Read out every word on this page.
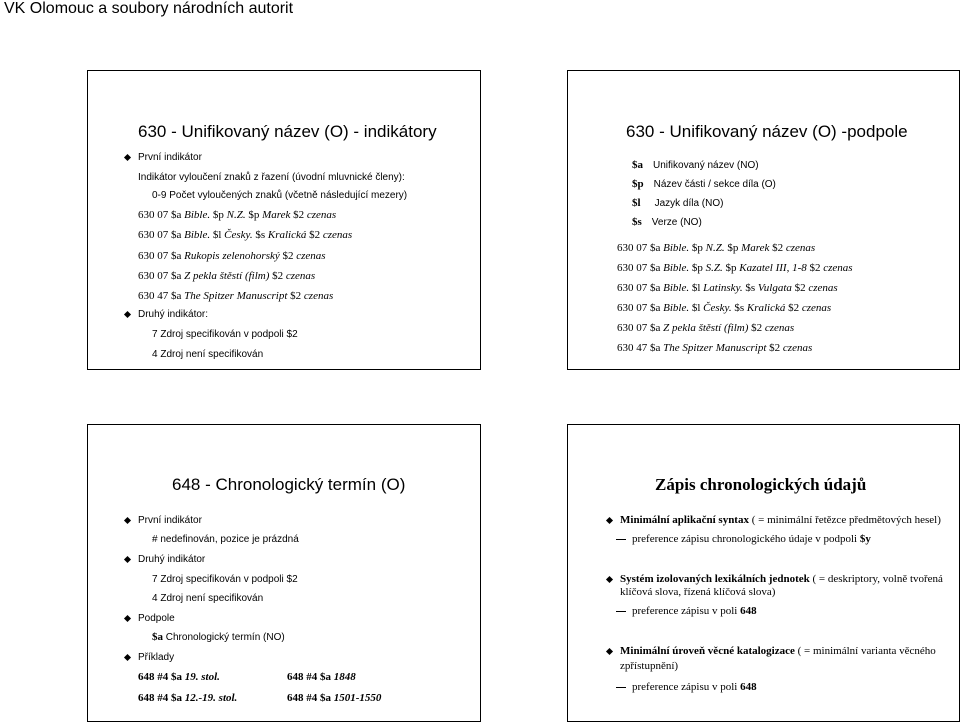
VK Olomouc a soubory národních autorit
630 - Unifikovaný název (O) - indikátory
První indikátor
Indikátor vyloučení znaků z řazení (úvodní mluvnické členy):
0-9 Počet vyloučených znaků (včetně následující mezery)
630 07 $a Bible. $p N.Z. $p Marek $2 czenas
630 07 $a Bible. $l Česky. $s Kralická $2 czenas
630 07 $a Rukopis zelenohorský $2 czenas
630 07 $a Z pekla štěstí (film) $2 czenas
630 47 $a The Spitzer Manuscript $2 czenas
Druhý indikátor:
7 Zdroj specifikován v podpoli $2
4 Zdroj není specifikován
630 - Unifikovaný název (O) -podpole
$a Unifikovaný název (NO)
$p Název části / sekce díla (O)
$l Jazyk díla (NO)
$s Verze (NO)
630 07 $a Bible. $p N.Z. $p Marek $2 czenas
630 07 $a Bible. $p S.Z. $p Kazatel III, 1-8 $2 czenas
630 07 $a Bible. $l Latinsky. $s Vulgata $2 czenas
630 07 $a Bible. $l Česky. $s Kralická $2 czenas
630 07 $a Z pekla štěstí (film) $2 czenas
630 47 $a The Spitzer Manuscript $2 czenas
648 - Chronologický termín (O)
První indikátor
# nedefinován, pozice je prázdná
Druhý indikátor
7 Zdroj specifikován v podpoli $2
4 Zdroj není specifikován
Podpole
$a Chronologický termín (NO)
Příklady
648 #4 $a 19. stol.	648 #4 $a 1848
648 #4 $a 12.-19. stol.	648 #4 $a 1501-1550
Zápis chronologických údajů
Minimální aplikační syntax ( = minimální řetězce předmětových hesel)
preference zápisu chronologického údaje v podpoli $y
Systém izolovaných lexikálních jednotek ( = deskriptory, volně tvořená
klíčová slova, řízená klíčová slova)
preference zápisu v poli 648
Minimální úroveň věcné katalogizace ( = minimální varianta věcného
zpřístupnění)
preference zápisu v poli 648
